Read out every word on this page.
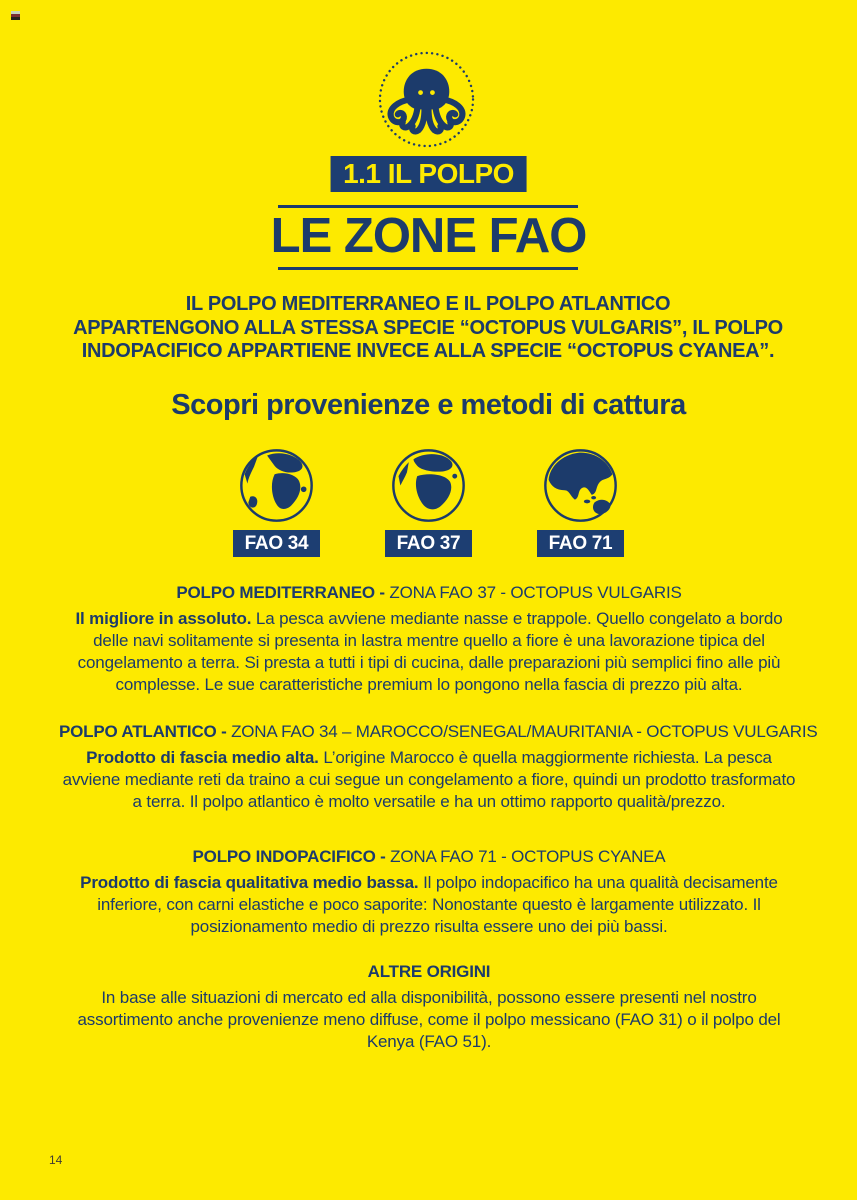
1.1 IL POLPO
LE ZONE FAO
IL POLPO MEDITERRANEO E IL POLPO ATLANTICO
APPARTENGONO ALLA STESSA SPECIE “OCTOPUS VULGARIS”, IL POLPO
INDOPACIFICO APPARTIENE INVECE ALLA SPECIE “OCTOPUS CYANEA”.
Scopri provenienze e metodi di cattura
FAO 34	FAO 37	FAO 71
POLPO MEDITERRANEO - ZONA FAO 37 - OCTOPUS VULGARIS

Il migliore in assoluto. La pesca avviene mediante nasse e trappole. Quello congelato a bordo delle navi solitamente si presenta in lastra mentre quello a fiore è una lavorazione tipica del congelamento a terra. Si presta a tutti i tipi di cucina, dalle preparazioni più semplici fino alle più complesse. Le sue caratteristiche premium lo pongono nella fascia di prezzo più alta.

POLPO ATLANTICO - ZONA FAO 34 – MAROCCO/SENEGAL/MAURITANIA - OCTOPUS VULGARIS

Prodotto di fascia medio alta. L’origine Marocco è quella maggiormente richiesta. La pesca avviene mediante reti da traino a cui segue un congelamento a fiore, quindi un prodotto trasformato a terra. Il polpo atlantico è molto versatile e ha un ottimo rapporto qualità/prezzo.

POLPO INDOPACIFICO - ZONA FAO 71 - OCTOPUS CYANEA

Prodotto di fascia qualitativa medio bassa. Il polpo indopacifico ha una qualità decisamente inferiore, con carni elastiche e poco saporite: Nonostante questo è largamente utilizzato. Il posizionamento medio di prezzo risulta essere uno dei più bassi.

ALTRE ORIGINI

In base alle situazioni di mercato ed alla disponibilità, possono essere presenti nel nostro assortimento anche provenienze meno diffuse, come il polpo messicano (FAO 31) o il polpo del Kenya (FAO 51).

14
